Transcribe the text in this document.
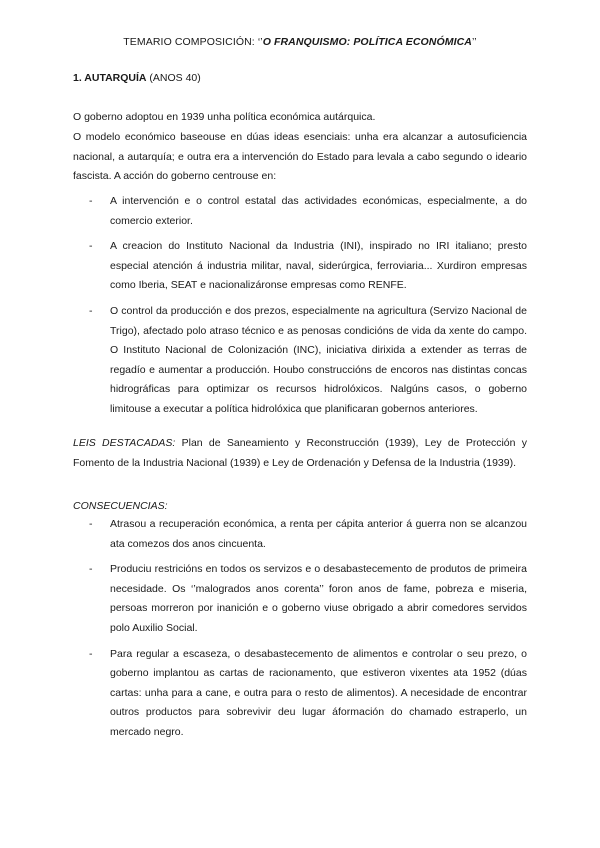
TEMARIO COMPOSICIÓN: ‘’O FRANQUISMO: POLÍTICA ECONÓMICA’’
1. AUTARQUÍA (ANOS 40)

O goberno adoptou en 1939 unha política económica autárquica.

O modelo económico baseouse en dúas ideas esenciais: unha era alcanzar a autosuficiencia nacional, a autarquía; e outra era a intervención do Estado para levala a cabo segundo o ideario fascista. A acción do goberno centrouse en:

- A intervención e o control estatal das actividades económicas, especialmente, a do comercio exterior.
- A creacion do Instituto Nacional da Industria (INI), inspirado no IRI italiano; presto especial atención á industria militar, naval, siderúrgica, ferroviaria... Xurdiron empresas como Iberia, SEAT e nacionalizáronse empresas como RENFE.
- O control da producción e dos prezos, especialmente na agricultura (Servizo Nacional de Trigo), afectado polo atraso técnico e as penosas condicións de vida da xente do campo. O Instituto Nacional de Colonización (INC), iniciativa dirixida a extender as terras de regadío e aumentar a producción. Houbo construccións de encoros nas distintas concas hidrográficas para optimizar os recursos hidrolóxicos. Nalgúns casos, o goberno limitouse a executar a política hidrolóxica que planificaran gobernos anteriores.

LEIS DESTACADAS: Plan de Saneamiento y Reconstrucción (1939), Ley de Protección y Fomento de la Industria Nacional (1939) e Ley de Ordenación y Defensa de la Industria (1939).

CONSECUENCIAS:

- Atrasou a recuperación económica, a renta per cápita anterior á guerra non se alcanzou ata comezos dos anos cincuenta.
- Produciu restricións en todos os servizos e o desabastecemento de produtos de primeira necesidade. Os ‘’malogrados anos corenta’’ foron anos de fame, pobreza e miseria, persoas morreron por inanición e o goberno viuse obrigado a abrir comedores servidos polo Auxilio Social.
- Para regular a escaseza, o desabastecemento de alimentos e controlar o seu prezo, o goberno implantou as cartas de racionamento, que estiveron vixentes ata 1952 (dúas cartas: unha para a cane, e outra para o resto de alimentos). A necesidade de encontrar outros productos para sobrevivir deu lugar áformación do chamado estraperlo, un mercado negro.
